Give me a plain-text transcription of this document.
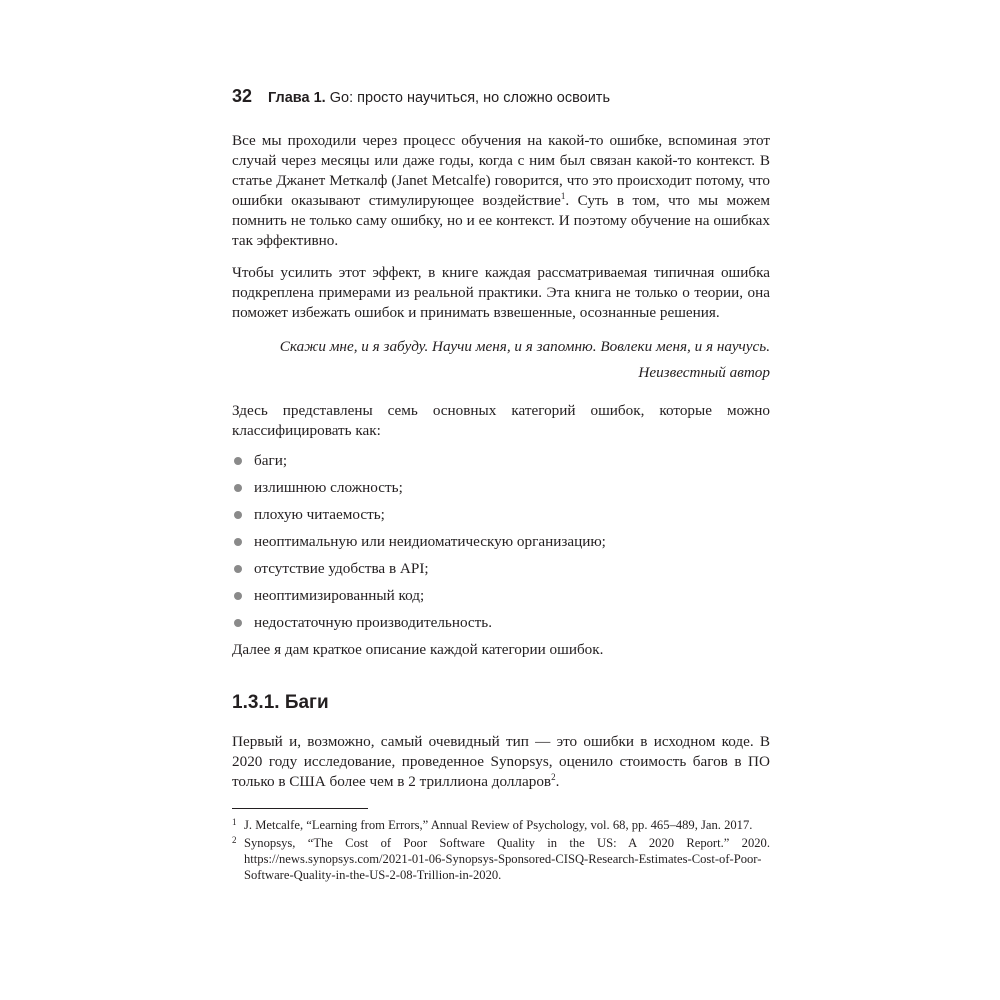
32 Глава 1. Go: просто научиться, но сложно освоить

Все мы проходили через процесс обучения на какой-то ошибке, вспоминая этот случай через месяцы или даже годы, когда с ним был связан какой-то контекст. В статье Джанет Меткалф (Janet Metcalfe) говорится, что это происходит потому, что ошибки оказывают стимулирующее воздействие$^1$. Суть в том, что мы можем помнить не только саму ошибку, но и ее контекст. И поэтому обучение на ошибках так эффективно.

Чтобы усилить этот эффект, в книге каждая рассматриваемая типичная ошибка подкреплена примерами из реальной практики. Эта книга не только о теории, она поможет избежать ошибок и принимать взвешенные, осознанные решения.

Скажи мне, и я забуду. Научи меня, и я запомню. Вовлеки меня, и я научусь.
Неизвестный автор

Здесь представлены семь основных категорий ошибок, которые можно классифицировать как:

баги;
излишнюю сложность;
плохую читаемость;
неоптимальную или неидиоматическую организацию;
отсутствие удобства в API;
неоптимизированный код;
недостаточную производительность.

Далее я дам краткое описание каждой категории ошибок.

1.3.1. Баги

Первый и, возможно, самый очевидный тип — это ошибки в исходном коде. В 2020 году исследование, проведенное Synopsys, оценило стоимость багов в ПО только в США более чем в 2 триллиона долларов$^2$.

1 J. Metcalfe, “Learning from Errors,” Annual Review of Psychology, vol. 68, pp. 465–489, Jan. 2017.
2 Synopsys, “The Cost of Poor Software Quality in the US: A 2020 Report.” 2020. https://news.synopsys.com/2021-01-06-Synopsys-Sponsored-CISQ-Research-Estimates-Cost-of-Poor-Software-Quality-in-the-US-2-08-Trillion-in-2020.
